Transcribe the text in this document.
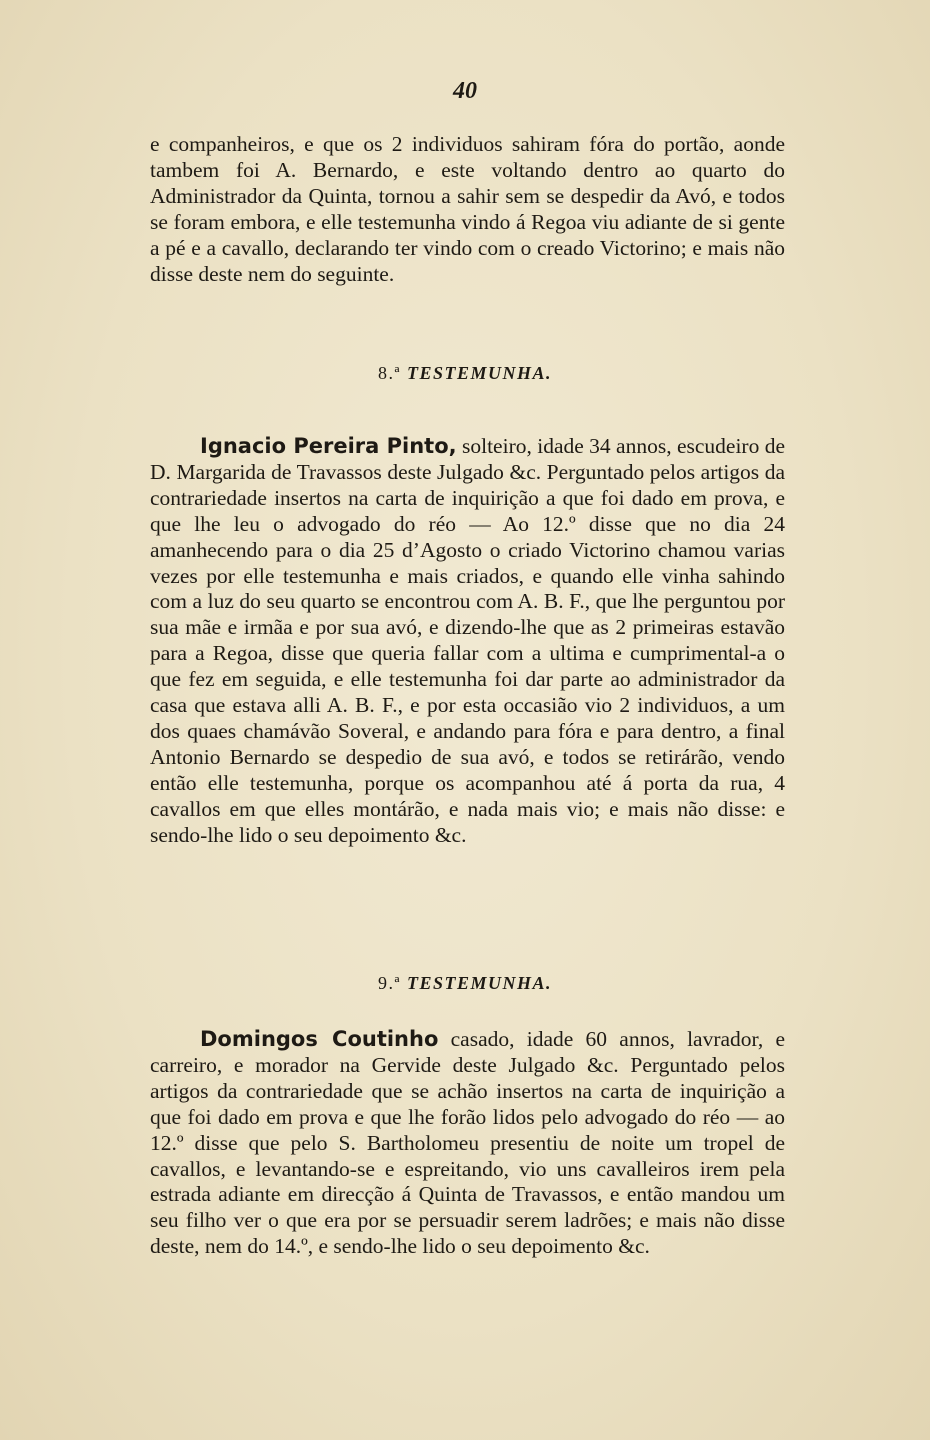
40

e companheiros, e que os 2 individuos sahiram fóra do portão, aonde tambem foi A. Bernardo, e este voltando dentro ao quarto do Administrador da Quinta, tornou a sahir sem se despedir da Avó, e todos se foram embora, e elle testemunha vindo á Regoa viu adiante de si gente a pé e a cavallo, declarando ter vindo com o creado Victorino; e mais não disse deste nem do seguinte.

8.ª TESTEMUNHA.

Ignacio Pereira Pinto, solteiro, idade 34 annos, escudeiro de D. Margarida de Travassos deste Julgado &c. Perguntado pelos artigos da contrariedade insertos na carta de inquirição a que foi dado em prova, e que lhe leu o advogado do réo — Ao 12.º disse que no dia 24 amanhecendo para o dia 25 d’Agosto o criado Victorino chamou varias vezes por elle testemunha e mais criados, e quando elle vinha sahindo com a luz do seu quarto se encontrou com A. B. F., que lhe perguntou por sua mãe e irmãa e por sua avó, e dizendo-lhe que as 2 primeiras estavão para a Regoa, disse que queria fallar com a ultima e cumprimental-a o que fez em seguida, e elle testemunha foi dar parte ao administrador da casa que estava alli A. B. F., e por esta occasião vio 2 individuos, a um dos quaes chamávão Soveral, e andando para fóra e para dentro, a final Antonio Bernardo se despedio de sua avó, e todos se retirárão, vendo então elle testemunha, porque os acompanhou até á porta da rua, 4 cavallos em que elles montárão, e nada mais vio; e mais não disse: e sendo-lhe lido o seu depoimento &c.

9.ª TESTEMUNHA.

Domingos Coutinho casado, idade 60 annos, lavrador, e carreiro, e morador na Gervide deste Julgado &c. Perguntado pelos artigos da contrariedade que se achão insertos na carta de inquirição a que foi dado em prova e que lhe forão lidos pelo advogado do réo — ao 12.º disse que pelo S. Bartholomeu presentiu de noite um tropel de cavallos, e levantando-se e espreitando, vio uns cavalleiros irem pela estrada adiante em direcção á Quinta de Travassos, e então mandou um seu filho ver o que era por se persuadir serem ladrões; e mais não disse deste, nem do 14.º, e sendo-lhe lido o seu depoimento &c.
